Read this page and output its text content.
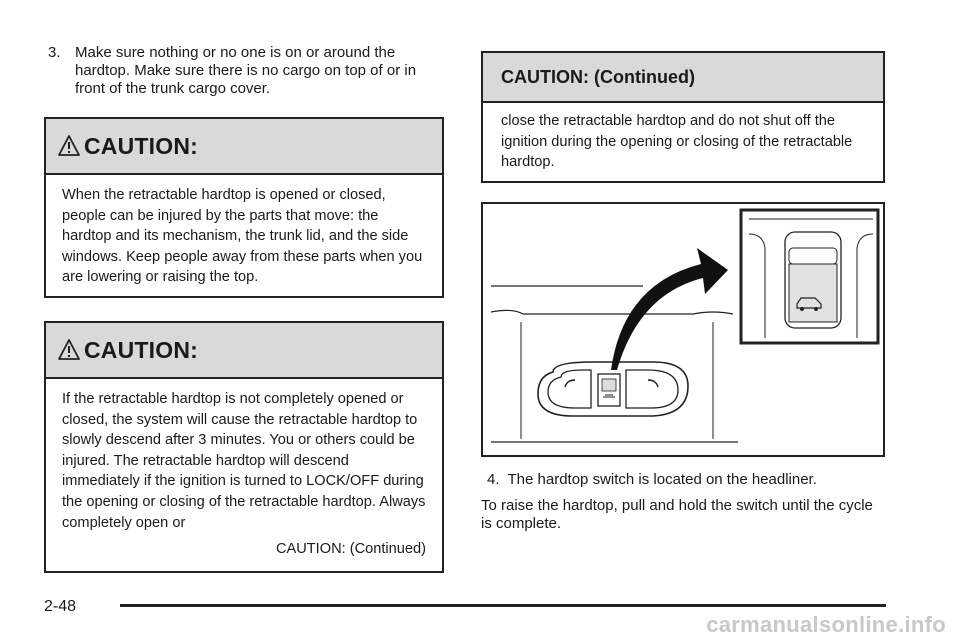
3. Make sure nothing or no one is on or around the hardtop. Make sure there is no cargo on top of or in front of the trunk cargo cover.
CAUTION:
When the retractable hardtop is opened or closed, people can be injured by the parts that move: the hardtop and its mechanism, the trunk lid, and the side windows. Keep people away from these parts when you are lowering or raising the top.
CAUTION:
If the retractable hardtop is not completely opened or closed, the system will cause the retractable hardtop to slowly descend after 3 minutes. You or others could be injured. The retractable hardtop will descend immediately if the ignition is turned to LOCK/OFF during the opening or closing of the retractable hardtop. Always completely open or
CAUTION: (Continued)
CAUTION: (Continued)
close the retractable hardtop and do not shut off the ignition during the opening or closing of the retractable hardtop.
4. The hardtop switch is located on the headliner.
To raise the hardtop, pull and hold the switch until the cycle is complete.
2-48
carmanualsonline.info
